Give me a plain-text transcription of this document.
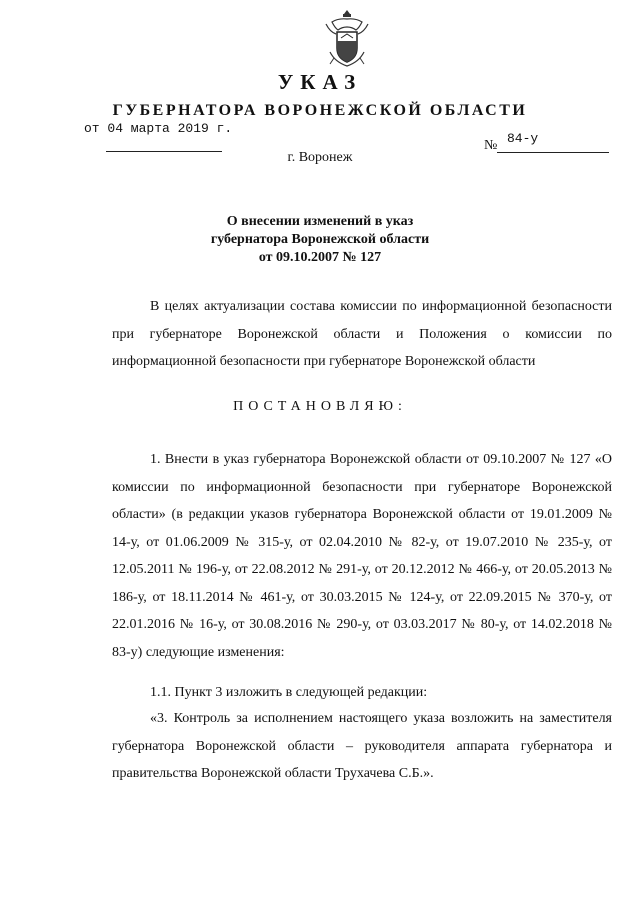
УКАЗ
ГУБЕРНАТОРА ВОРОНЕЖСКОЙ ОБЛАСТИ
от 04 марта 2019 г.
№ 84-у
г. Воронеж
О внесении изменений в указ
губернатора Воронежской области
от 09.10.2007 № 127
В целях актуализации состава комиссии по информационной безопасности при губернаторе Воронежской области и Положения о комиссии по информационной безопасности при губернаторе Воронежской области
ПОСТАНОВЛЯЮ:
1. Внести в указ губернатора Воронежской области от 09.10.2007 № 127 «О комиссии по информационной безопасности при губернаторе Воронежской области» (в редакции указов губернатора Воронежской области от 19.01.2009 № 14-у, от 01.06.2009 № 315-у, от 02.04.2010 № 82-у, от 19.07.2010 № 235-у, от 12.05.2011 № 196-у, от 22.08.2012 № 291-у, от 20.12.2012 № 466-у, от 20.05.2013 № 186-у, от 18.11.2014 № 461-у, от 30.03.2015 № 124-у, от 22.09.2015 № 370-у, от 22.01.2016 № 16-у, от 30.08.2016 № 290-у, от 03.03.2017 № 80-у, от 14.02.2018 № 83-у) следующие изменения:
1.1. Пункт 3 изложить в следующей редакции:
«3. Контроль за исполнением настоящего указа возложить на заместителя губернатора Воронежской области – руководителя аппарата губернатора и правительства Воронежской области Трухачева С.Б.».
